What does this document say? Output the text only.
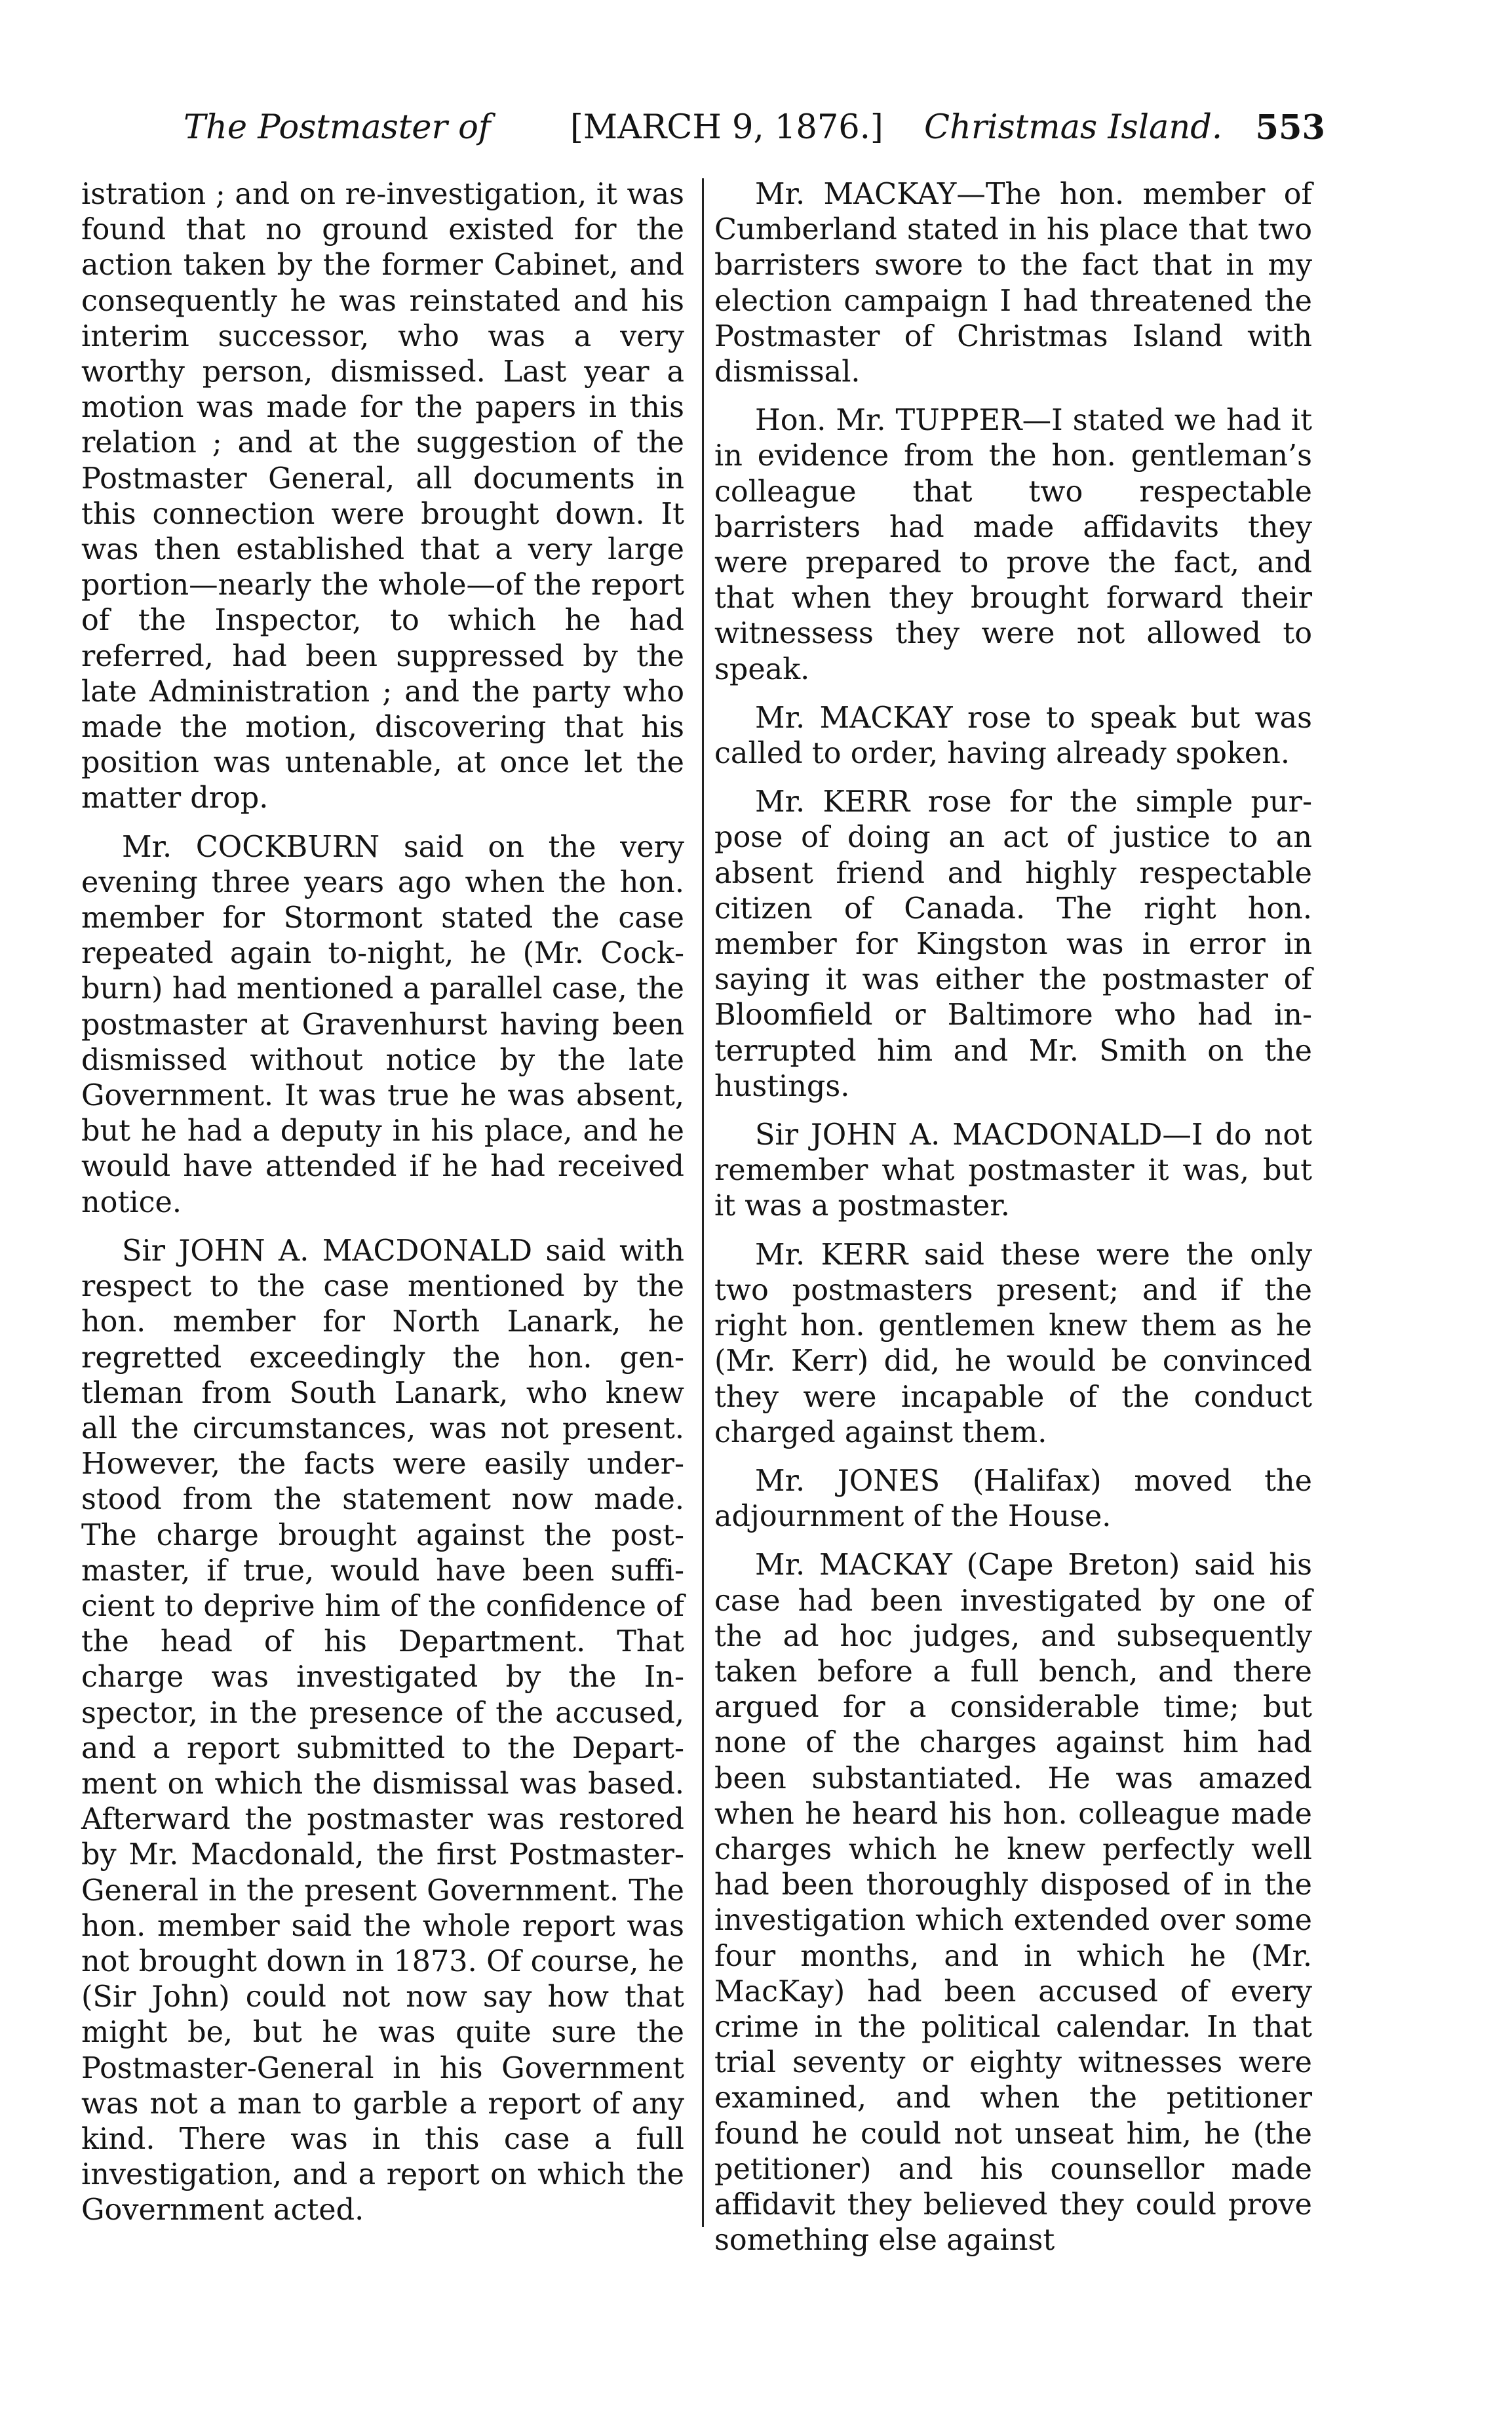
The Postmaster of [MARCH 9, 1876.] Christmas Island. 553

istration ; and on re-investigation, it was found that no ground existed for the action taken by the former Cabinet, and consequently he was reinstated and his interim successor, who was a very worthy person, dismissed. Last year a motion was made for the papers in this relation ; and at the suggestion of the Postmaster General, all documents in this connection were brought down. It was then established that a very large portion—nearly the whole—of the report of the Inspector, to which he had referred, had been suppressed by the late Administration ; and the party who made the motion, discovering that his position was untenable, at once let the matter drop.

Mr. COCKBURN said on the very evening three years ago when the hon. member for Stormont stated the case repeated again to-night, he (Mr. Cockburn) had mentioned a parallel case, the postmaster at Gravenhurst having been dismissed without notice by the late Government. It was true he was absent, but he had a deputy in his place, and he would have attended if he had received notice.

Sir JOHN A. MACDONALD said with respect to the case mentioned by the hon. member for North Lanark, he regretted exceedingly the hon. gentleman from South Lanark, who knew all the circumstances, was not present. However, the facts were easily understood from the statement now made. The charge brought against the postmaster, if true, would have been sufficient to deprive him of the confidence of the head of his Department. That charge was investigated by the Inspector, in the presence of the accused, and a report submitted to the Department on which the dismissal was based. Afterward the postmaster was restored by Mr. Macdonald, the first Postmaster-General in the present Government. The hon. member said the whole report was not brought down in 1873. Of course, he (Sir John) could not now say how that might be, but he was quite sure the Postmaster-General in his Government was not a man to garble a report of any kind. There was in this case a full investigation, and a report on which the Government acted.

Mr. MACKAY—The hon. member of Cumberland stated in his place that two barristers swore to the fact that in my election campaign I had threatened the Postmaster of Christmas Island with dismissal.

Hon. Mr. TUPPER—I stated we had it in evidence from the hon. gentleman’s colleague that two respectable barristers had made affidavits they were prepared to prove the fact, and that when they brought forward their witnessess they were not allowed to speak.

Mr. MACKAY rose to speak but was called to order, having already spoken.

Mr. KERR rose for the simple purpose of doing an act of justice to an absent friend and highly respectable citizen of Canada. The right hon. member for Kingston was in error in saying it was either the postmaster of Bloomfield or Baltimore who had interrupted him and Mr. Smith on the hustings.

Sir JOHN A. MACDONALD—I do not remember what postmaster it was, but it was a postmaster.

Mr. KERR said these were the only two postmasters present; and if the right hon. gentlemen knew them as he (Mr. Kerr) did, he would be convinced they were incapable of the conduct charged against them.

Mr. JONES (Halifax) moved the adjournment of the House.

Mr. MACKAY (Cape Breton) said his case had been investigated by one of the ad hoc judges, and subsequently taken before a full bench, and there argued for a considerable time; but none of the charges against him had been substantiated. He was amazed when he heard his hon. colleague made charges which he knew perfectly well had been thoroughly disposed of in the investigation which extended over some four months, and in which he (Mr. MacKay) had been accused of every crime in the political calendar. In that trial seventy or eighty witnesses were examined, and when the petitioner found he could not unseat him, he (the petitioner) and his counsellor made affidavit they believed they could prove something else against
